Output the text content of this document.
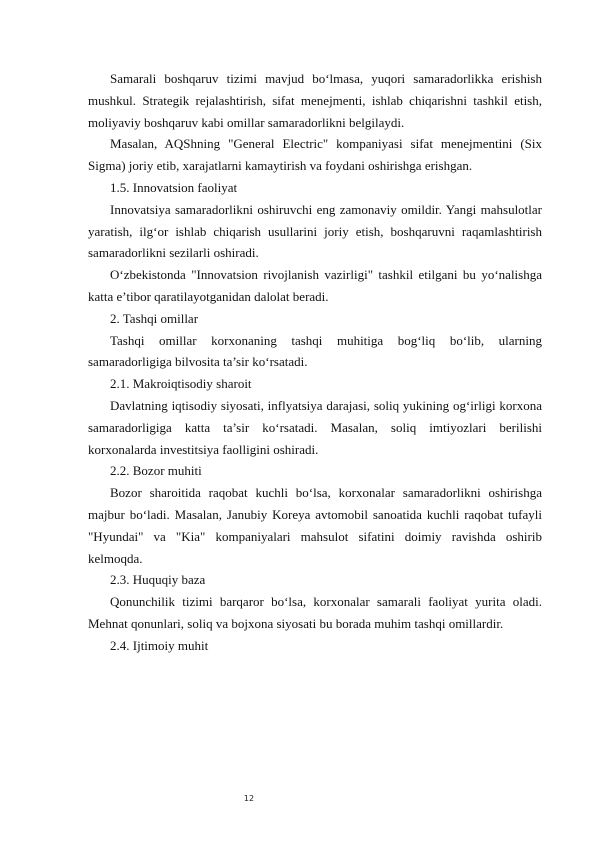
Samarali boshqaruv tizimi mavjud bo‘lmasa, yuqori samaradorlikka erishish mushkul. Strategik rejalashtirish, sifat menejmenti, ishlab chiqarishni tashkil etish, moliyaviy boshqaruv kabi omillar samaradorlikni belgilaydi.

Masalan, AQShning "General Electric" kompaniyasi sifat menejmentini (Six Sigma) joriy etib, xarajatlarni kamaytirish va foydani oshirishga erishgan.

1.5. Innovatsion faoliyat

Innovatsiya samaradorlikni oshiruvchi eng zamonaviy omildir. Yangi mahsulotlar yaratish, ilg‘or ishlab chiqarish usullarini joriy etish, boshqaruvni raqamlashtirish samaradorlikni sezilarli oshiradi.

O‘zbekistonda "Innovatsion rivojlanish vazirligi" tashkil etilgani bu yo‘nalishga katta e’tibor qaratilayotganidan dalolat beradi.

2. Tashqi omillar

Tashqi omillar korxonaning tashqi muhitiga bog‘liq bo‘lib, ularning samaradorligiga bilvosita ta’sir ko‘rsatadi.

2.1. Makroiqtisodiy sharoit

Davlatning iqtisodiy siyosati, inflyatsiya darajasi, soliq yukining og‘irligi korxona samaradorligiga katta ta’sir ko‘rsatadi. Masalan, soliq imtiyozlari berilishi korxonalarda investitsiya faolligini oshiradi.

2.2. Bozor muhiti

Bozor sharoitida raqobat kuchli bo‘lsa, korxonalar samaradorlikni oshirishga majbur bo‘ladi. Masalan, Janubiy Koreya avtomobil sanoatida kuchli raqobat tufayli "Hyundai" va "Kia" kompaniyalari mahsulot sifatini doimiy ravishda oshirib kelmoqda.

2.3. Huquqiy baza

Qonunchilik tizimi barqaror bo‘lsa, korxonalar samarali faoliyat yurita oladi. Mehnat qonunlari, soliq va bojxona siyosati bu borada muhim tashqi omillardir.

2.4. Ijtimoiy muhit

12
